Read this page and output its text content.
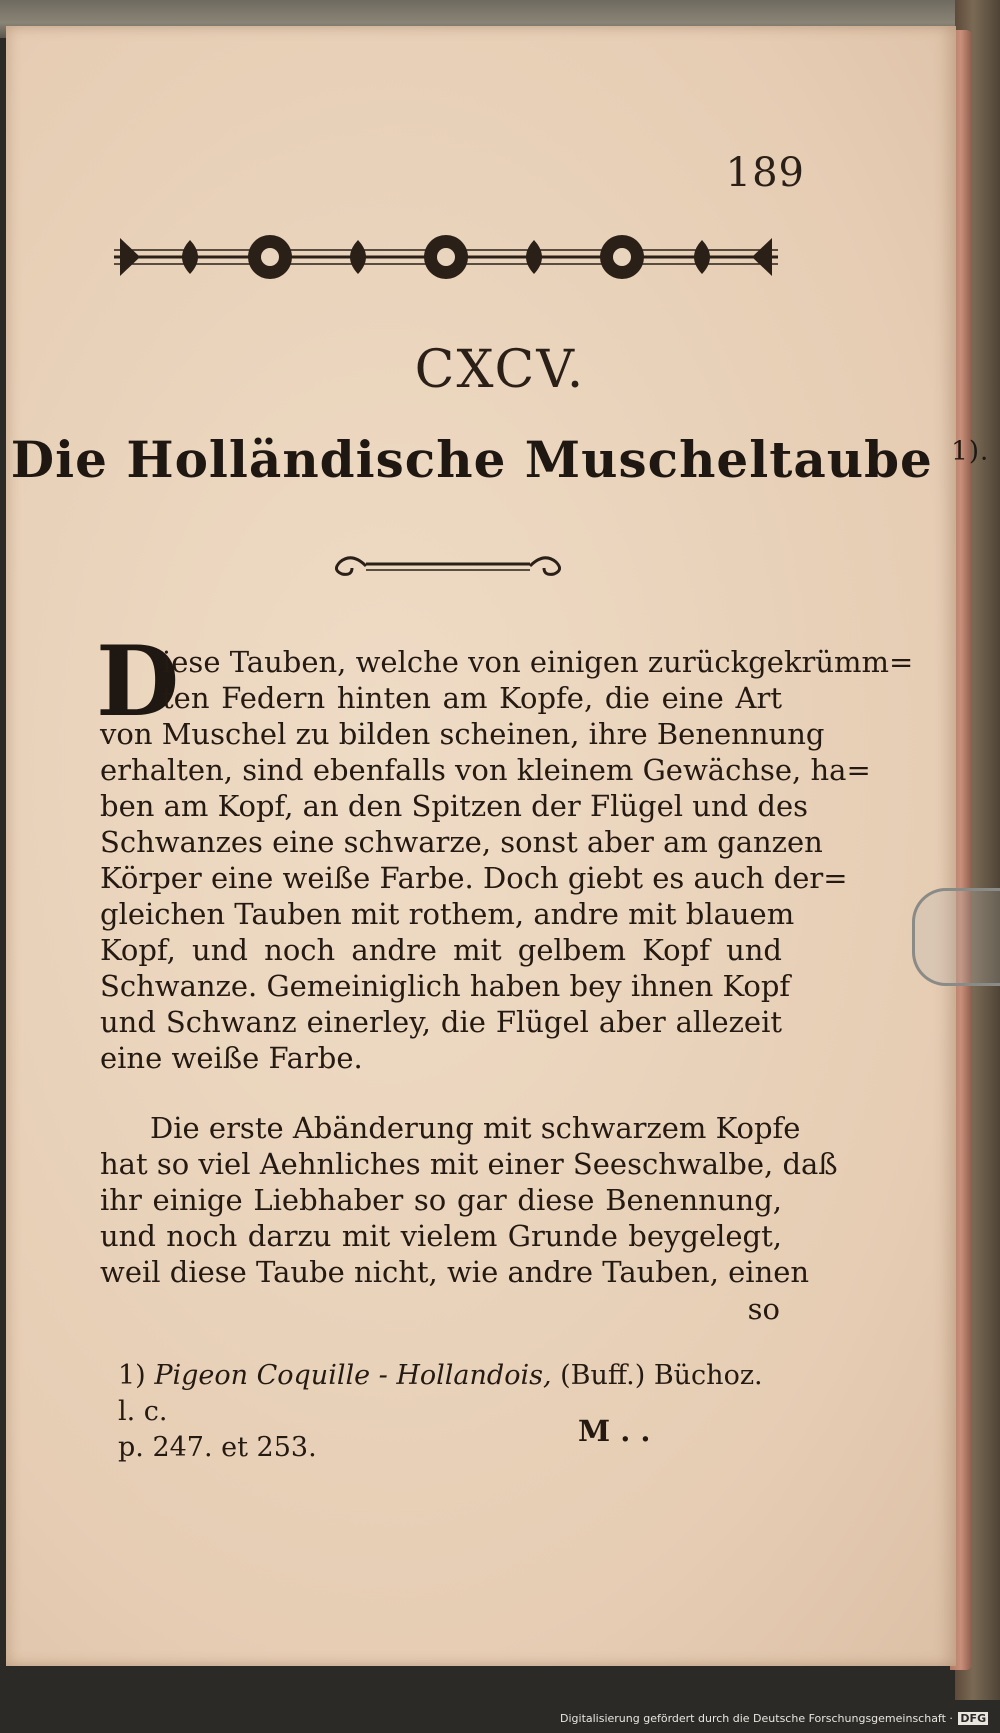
189
CXCV.
Die Holländische Muscheltaube $^{1).}$
D
iese Tauben, welche von einigen zurückgekrümm=
ten Federn hinten am Kopfe, die eine Art
von Muschel zu bilden scheinen, ihre Benennung
erhalten, sind ebenfalls von kleinem Gewächse, ha=
ben am Kopf, an den Spitzen der Flügel und des
Schwanzes eine schwarze, sonst aber am ganzen
Körper eine weiße Farbe. Doch giebt es auch der=
gleichen Tauben mit rothem, andre mit blauem
Kopf, und noch andre mit gelbem Kopf und
Schwanze. Gemeiniglich haben bey ihnen Kopf
und Schwanz einerley, die Flügel aber allezeit
eine weiße Farbe.
Die erste Abänderung mit schwarzem Kopfe
hat so viel Aehnliches mit einer Seeschwalbe, daß
ihr einige Liebhaber so gar diese Benennung,
und noch darzu mit vielem Grunde beygelegt,
weil diese Taube nicht, wie andre Tauben, einen
so
1) Pigeon Coquille - Hollandois, (Buff.) Büchoz. l. c.
p. 247. et 253.	M . .
Digitalisierung gefördert durch die Deutsche Forschungsgemeinschaft · DFG
